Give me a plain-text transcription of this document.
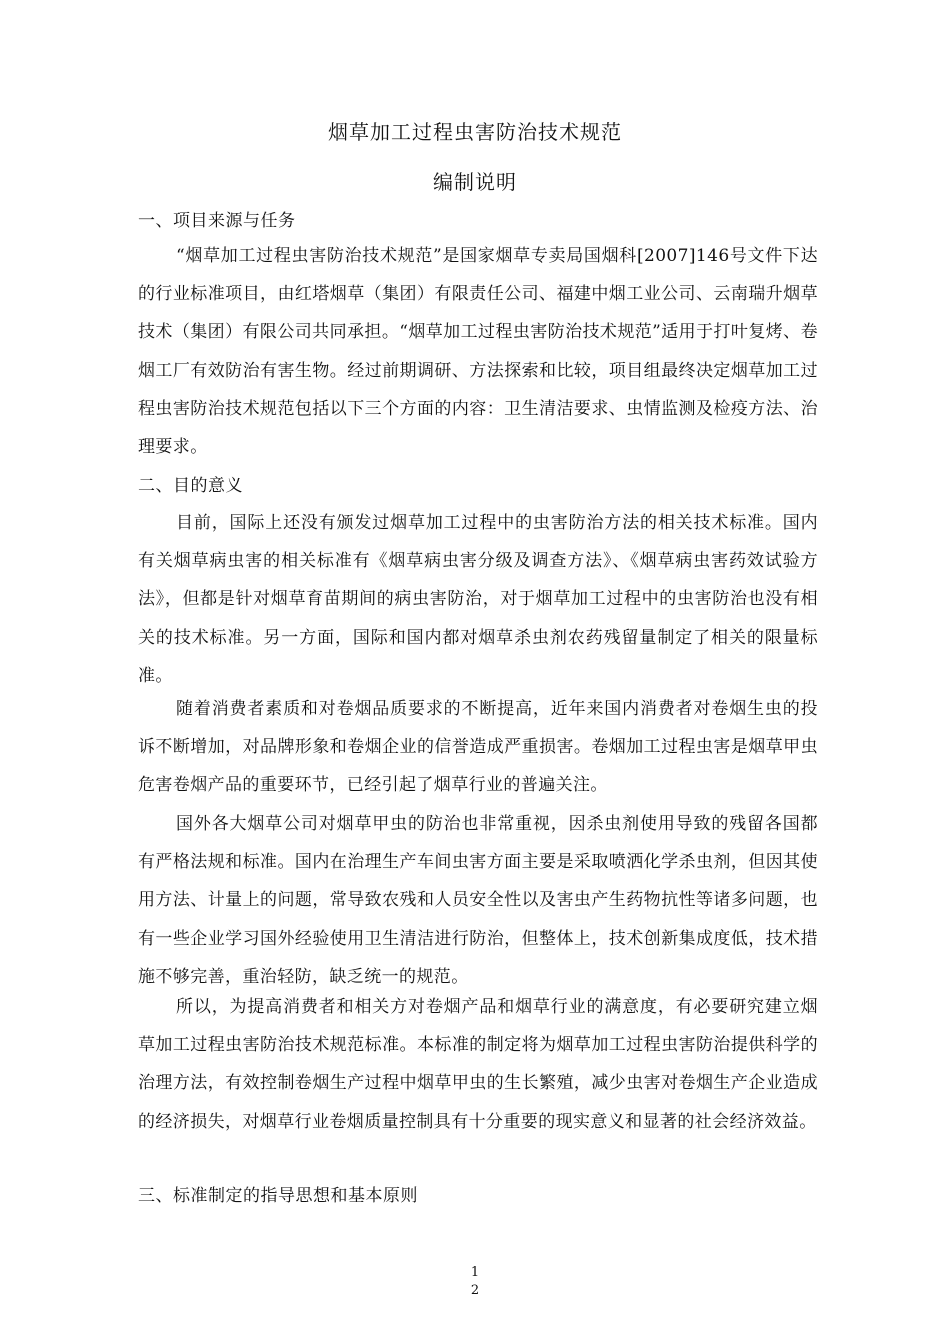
烟草加工过程虫害防治技术规范
编制说明
一、项目来源与任务

“烟草加工过程虫害防治技术规范”是国家烟草专卖局国烟科[2007]146号文件下达的行业标准项目，由红塔烟草（集团）有限责任公司、福建中烟工业公司、云南瑞升烟草技术（集团）有限公司共同承担。“烟草加工过程虫害防治技术规范”适用于打叶复烤、卷烟工厂有效防治有害生物。经过前期调研、方法探索和比较，项目组最终决定烟草加工过程虫害防治技术规范包括以下三个方面的内容：卫生清洁要求、虫情监测及检疫方法、治理要求。

二、目的意义

目前，国际上还没有颁发过烟草加工过程中的虫害防治方法的相关技术标准。国内有关烟草病虫害的相关标准有《烟草病虫害分级及调查方法》、《烟草病虫害药效试验方法》，但都是针对烟草育苗期间的病虫害防治，对于烟草加工过程中的虫害防治也没有相关的技术标准。另一方面，国际和国内都对烟草杀虫剂农药残留量制定了相关的限量标准。

随着消费者素质和对卷烟品质要求的不断提高，近年来国内消费者对卷烟生虫的投诉不断增加，对品牌形象和卷烟企业的信誉造成严重损害。卷烟加工过程虫害是烟草甲虫危害卷烟产品的重要环节，已经引起了烟草行业的普遍关注。

国外各大烟草公司对烟草甲虫的防治也非常重视，因杀虫剂使用导致的残留各国都有严格法规和标准。国内在治理生产车间虫害方面主要是采取喷洒化学杀虫剂，但因其使用方法、计量上的问题，常导致农残和人员安全性以及害虫产生药物抗性等诸多问题，也有一些企业学习国外经验使用卫生清洁进行防治，但整体上，技术创新集成度低，技术措施不够完善，重治轻防，缺乏统一的规范。

所以，为提高消费者和相关方对卷烟产品和烟草行业的满意度，有必要研究建立烟草加工过程虫害防治技术规范标准。本标准的制定将为烟草加工过程虫害防治提供科学的治理方法，有效控制卷烟生产过程中烟草甲虫的生长繁殖，减少虫害对卷烟生产企业造成的经济损失，对烟草行业卷烟质量控制具有十分重要的现实意义和显著的社会经济效益。

三、标准制定的指导思想和基本原则
1
2
